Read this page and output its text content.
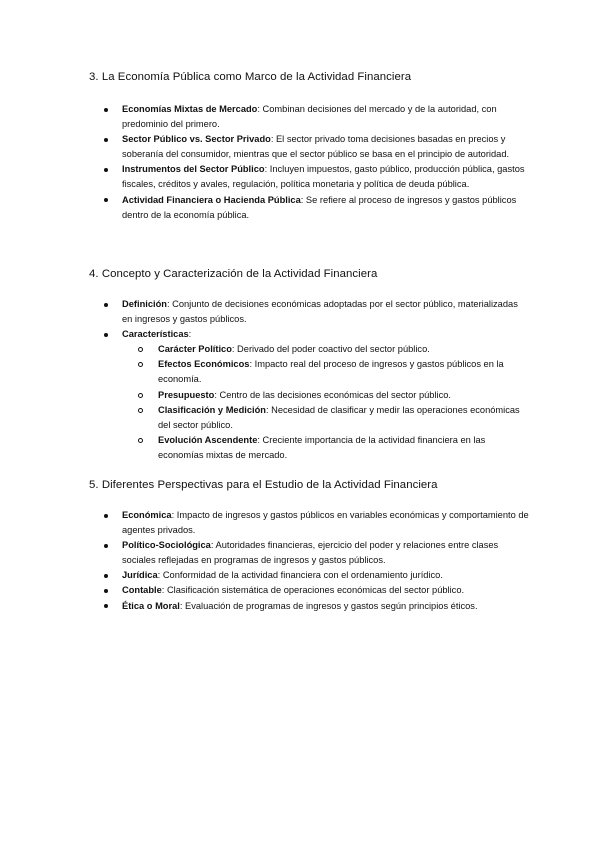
3. La Economía Pública como Marco de la Actividad Financiera
Economías Mixtas de Mercado: Combinan decisiones del mercado y de la autoridad, con predominio del primero.
Sector Público vs. Sector Privado: El sector privado toma decisiones basadas en precios y soberanía del consumidor, mientras que el sector público se basa en el principio de autoridad.
Instrumentos del Sector Público: Incluyen impuestos, gasto público, producción pública, gastos fiscales, créditos y avales, regulación, política monetaria y política de deuda pública.
Actividad Financiera o Hacienda Pública: Se refiere al proceso de ingresos y gastos públicos dentro de la economía pública.
4. Concepto y Caracterización de la Actividad Financiera
Definición: Conjunto de decisiones económicas adoptadas por el sector público, materializadas en ingresos y gastos públicos.
Características:
Carácter Político: Derivado del poder coactivo del sector público.
Efectos Económicos: Impacto real del proceso de ingresos y gastos públicos en la economía.
Presupuesto: Centro de las decisiones económicas del sector público.
Clasificación y Medición: Necesidad de clasificar y medir las operaciones económicas del sector público.
Evolución Ascendente: Creciente importancia de la actividad financiera en las economías mixtas de mercado.
5. Diferentes Perspectivas para el Estudio de la Actividad Financiera
Económica: Impacto de ingresos y gastos públicos en variables económicas y comportamiento de agentes privados.
Político-Sociológica: Autoridades financieras, ejercicio del poder y relaciones entre clases sociales reflejadas en programas de ingresos y gastos públicos.
Jurídica: Conformidad de la actividad financiera con el ordenamiento jurídico.
Contable: Clasificación sistemática de operaciones económicas del sector público.
Ética o Moral: Evaluación de programas de ingresos y gastos según principios éticos.
